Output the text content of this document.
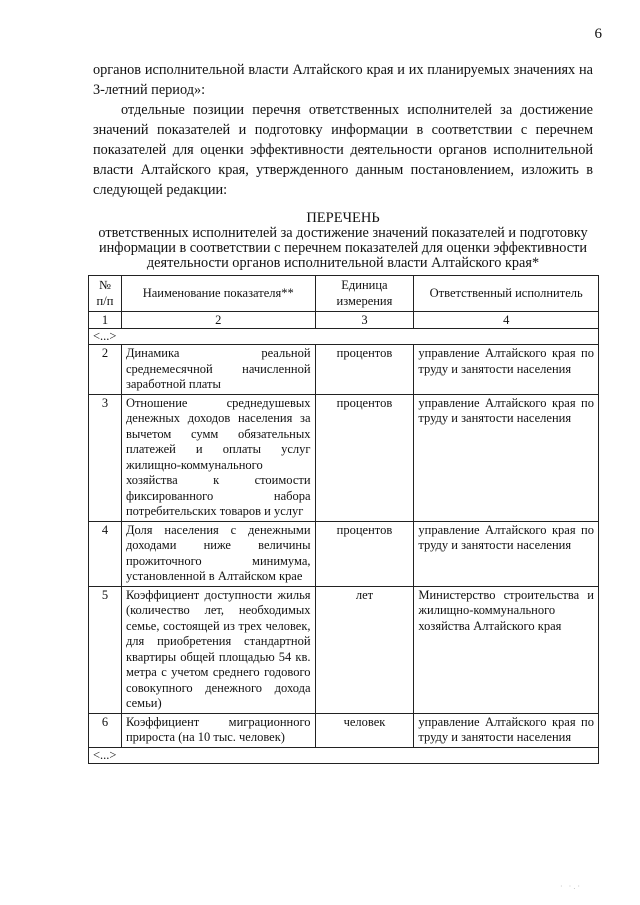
6

органов исполнительной власти Алтайского края и их планируемых значениях на 3-летний период»:

отдельные позиции перечня ответственных исполнителей за достижение значений показателей и подготовку информации в соответствии с перечнем показателей для оценки эффективности деятельности органов исполнительной власти Алтайского края, утвержденного данным постановлением, изложить в следующей редакции:

ПЕРЕЧЕНЬ
ответственных исполнителей за достижение значений показателей и подготовку информации в соответствии с перечнем показателей для оценки эффективности деятельности органов исполнительной власти Алтайского края*
№ п/п	Наименование показателя**	Единица измерения	Ответственный исполнитель
1	2	3	4
<...>			
2	Динамика реальной среднемесячной начисленной заработной платы	процентов	управление Алтайского края по труду и занятости населения
3	Отношение среднедушевых денежных доходов населения за вычетом сумм обязательных платежей и оплаты услуг жилищно-коммунального хозяйства к стоимости фиксированного набора потребительских товаров и услуг	процентов	управление Алтайского края по труду и занятости населения
4	Доля населения с денежными доходами ниже величины прожиточного минимума, установленной в Алтайском крае	процентов	управление Алтайского края по труду и занятости населения
5	Коэффициент доступности жилья (количество лет, необходимых семье, состоящей из трех человек, для приобретения стандартной квартиры общей площадью 54 кв. метра с учетом среднего годового совокупного денежного дохода семьи)	лет	Министерство строительства и жилищно-коммунального хозяйства Алтайского края
6	Коэффициент миграционного прироста (на 10 тыс. человек)	человек	управление Алтайского края по труду и занятости населения
<...>			
· ·.·
